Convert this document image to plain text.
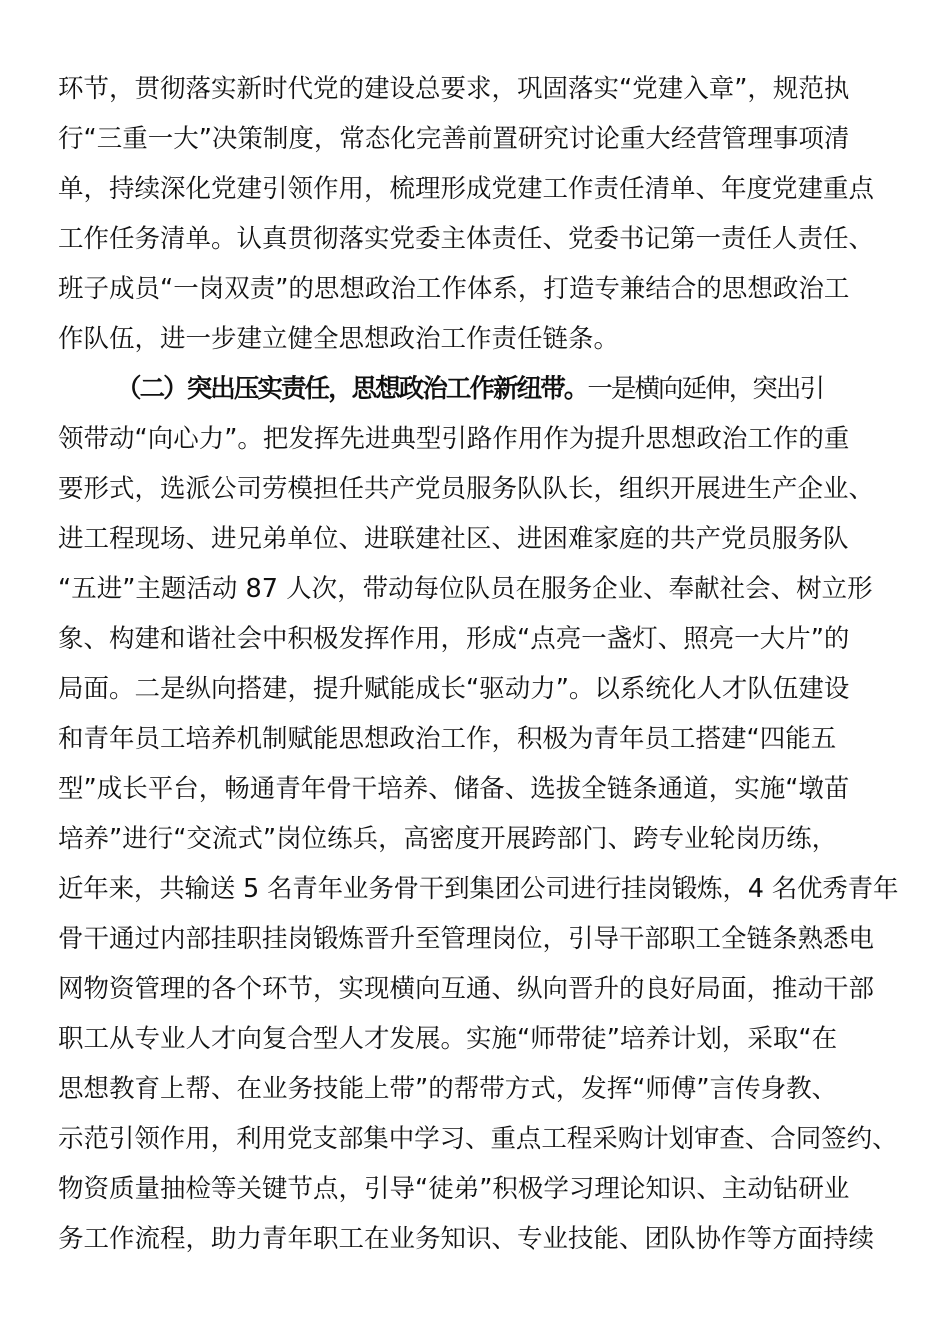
环节，贯彻落实新时代党的建设总要求，巩固落实“党建入章”，规范执
行“三重一大”决策制度，常态化完善前置研究讨论重大经营管理事项清
单，持续深化党建引领作用，梳理形成党建工作责任清单、年度党建重点
工作任务清单。认真贯彻落实党委主体责任、党委书记第一责任人责任、
班子成员“一岗双责”的思想政治工作体系，打造专兼结合的思想政治工
作队伍，进一步建立健全思想政治工作责任链条。
（二）突出压实责任，思想政治工作新纽带。一是横向延伸，突出引
领带动“向心力”。把发挥先进典型引路作用作为提升思想政治工作的重
要形式，选派公司劳模担任共产党员服务队队长，组织开展进生产企业、
进工程现场、进兄弟单位、进联建社区、进困难家庭的共产党员服务队
“五进”主题活动 87 人次，带动每位队员在服务企业、奉献社会、树立形
象、构建和谐社会中积极发挥作用，形成“点亮一盏灯、照亮一大片”的
局面。二是纵向搭建，提升赋能成长“驱动力”。以系统化人才队伍建设
和青年员工培养机制赋能思想政治工作，积极为青年员工搭建“四能五
型”成长平台，畅通青年骨干培养、储备、选拔全链条通道，实施“墩苗
培养”进行“交流式”岗位练兵，高密度开展跨部门、跨专业轮岗历练，
近年来，共输送 5 名青年业务骨干到集团公司进行挂岗锻炼，4 名优秀青年
骨干通过内部挂职挂岗锻炼晋升至管理岗位，引导干部职工全链条熟悉电
网物资管理的各个环节，实现横向互通、纵向晋升的良好局面，推动干部
职工从专业人才向复合型人才发展。实施“师带徒”培养计划，采取“在
思想教育上帮、在业务技能上带”的帮带方式，发挥“师傅”言传身教、
示范引领作用，利用党支部集中学习、重点工程采购计划审查、合同签约、
物资质量抽检等关键节点，引导“徒弟”积极学习理论知识、主动钻研业
务工作流程，助力青年职工在业务知识、专业技能、团队协作等方面持续
